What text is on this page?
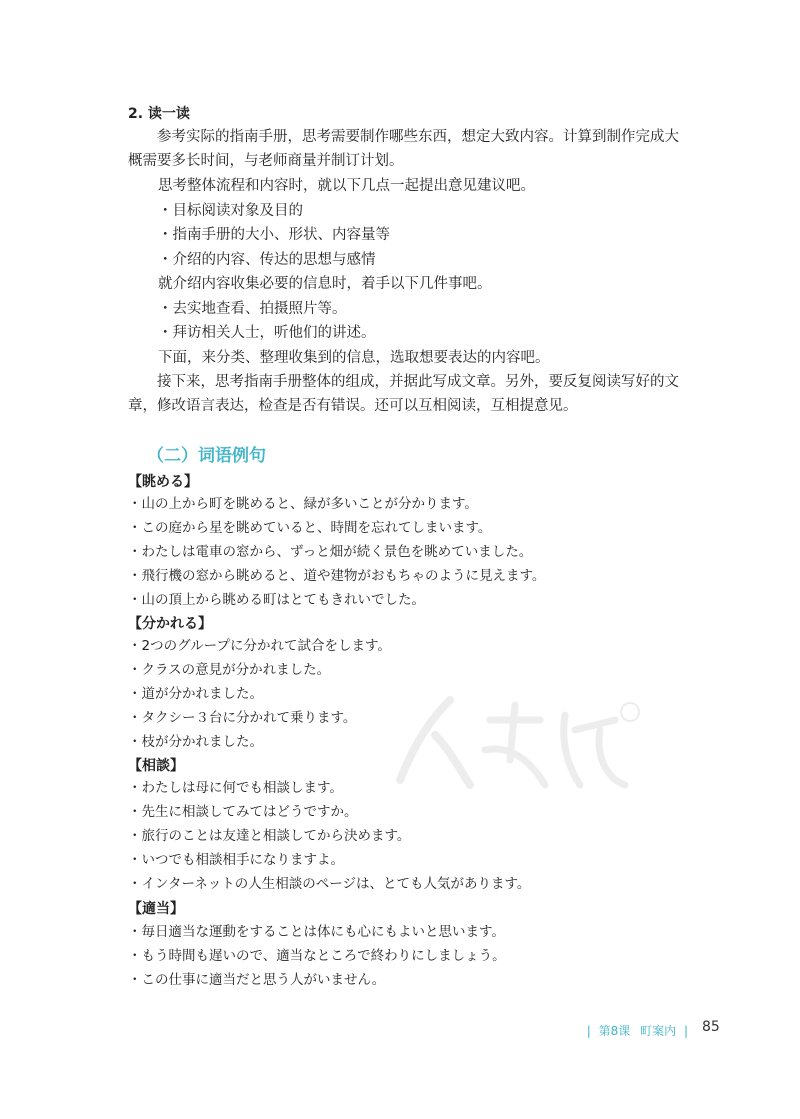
2. 读一读

参考实际的指南手册，思考需要制作哪些东西，想定大致内容。计算到制作完成大概需要多长时间，与老师商量并制订计划。

思考整体流程和内容时，就以下几点一起提出意见建议吧。
・目标阅读对象及目的
・指南手册的大小、形状、内容量等
・介绍的内容、传达的思想与感情
就介绍内容收集必要的信息时，着手以下几件事吧。
・去实地查看、拍摄照片等。
・拜访相关人士，听他们的讲述。
下面，来分类、整理收集到的信息，选取想要表达的内容吧。

接下来，思考指南手册整体的组成，并据此写成文章。另外，要反复阅读写好的文章，修改语言表达，检查是否有错误。还可以互相阅读，互相提意见。

（二）词语例句
【眺める】
・山の上から町を眺めると、緑が多いことが分かります。
・この庭から星を眺めていると、時間を忘れてしまいます。
・わたしは電車の窓から、ずっと畑が続く景色を眺めていました。
・飛行機の窓から眺めると、道や建物がおもちゃのように見えます。
・山の頂上から眺める町はとてもきれいでした。
【分かれる】
・2つのグループに分かれて試合をします。
・クラスの意見が分かれました。
・道が分かれました。
・タクシー３台に分かれて乗ります。
・枝が分かれました。
【相談】
・わたしは母に何でも相談します。
・先生に相談してみてはどうですか。
・旅行のことは友達と相談してから決めます。
・いつでも相談相手になりますよ。
・インターネットの人生相談のページは、とても人気があります。
【適当】
・毎日適当な運動をすることは体にも心にもよいと思います。
・もう時間も遅いので、適当なところで終わりにしましょう。
・この仕事に適当だと思う人がいません。
| 第8课 町案内 | 85
